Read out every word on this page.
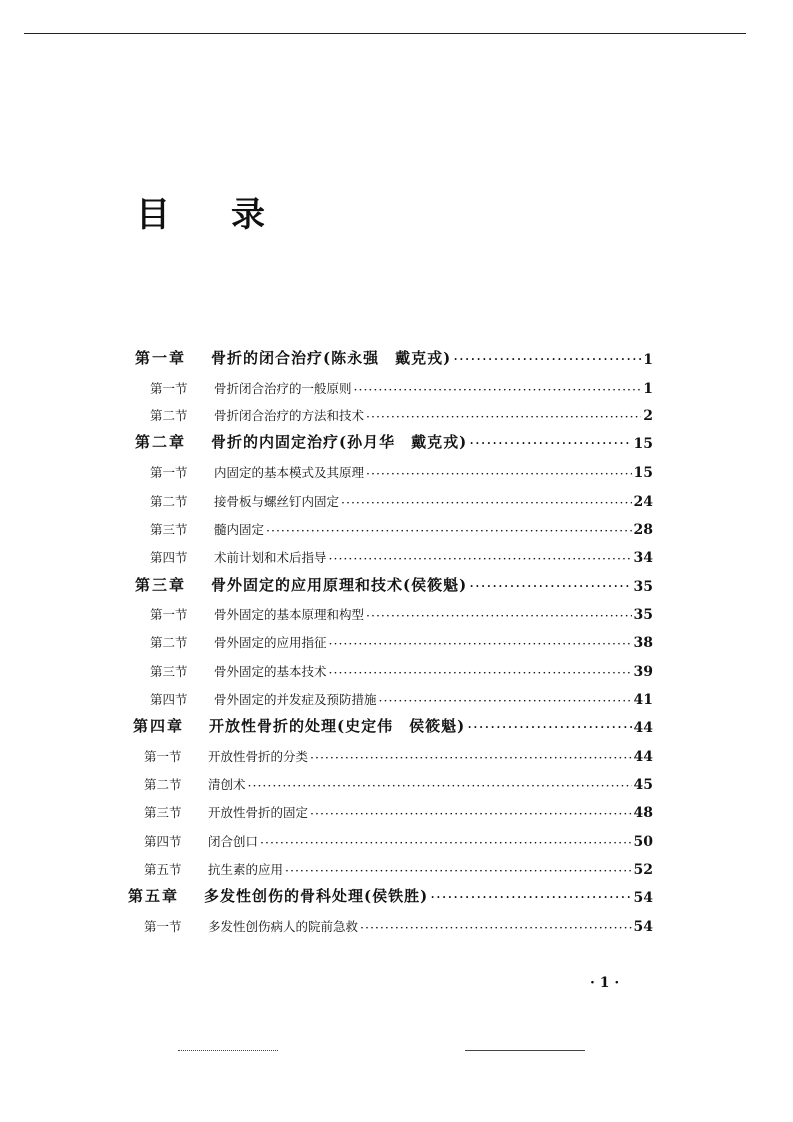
目 录
第一章	骨折的闭合治疗(陈永强　戴克戎) ·····	1
第一节	骨折闭合治疗的一般原则 ·····	1
第二节	骨折闭合治疗的方法和技术 ·····	2
第二章	骨折的内固定治疗(孙月华　戴克戎) ·····	15
第一节	内固定的基本模式及其原理 ·····	15
第二节	接骨板与螺丝钉内固定 ·····	24
第三节	髓内固定 ·····	28
第四节	术前计划和术后指导 ·····	34
第三章	骨外固定的应用原理和技术(侯筱魁) ·····	35
第一节	骨外固定的基本原理和构型 ·····	35
第二节	骨外固定的应用指征 ·····	38
第三节	骨外固定的基本技术 ·····	39
第四节	骨外固定的并发症及预防措施 ·····	41
第四章	开放性骨折的处理(史定伟　侯筱魁) ·····	44
第一节	开放性骨折的分类 ·····	44
第二节	清创术 ·····	45
第三节	开放性骨折的固定 ·····	48
第四节	闭合创口 ·····	50
第五节	抗生素的应用 ·····	52
第五章	多发性创伤的骨科处理(侯铁胜) ·····	54
第一节	多发性创伤病人的院前急救 ·····	54
· 1 ·
